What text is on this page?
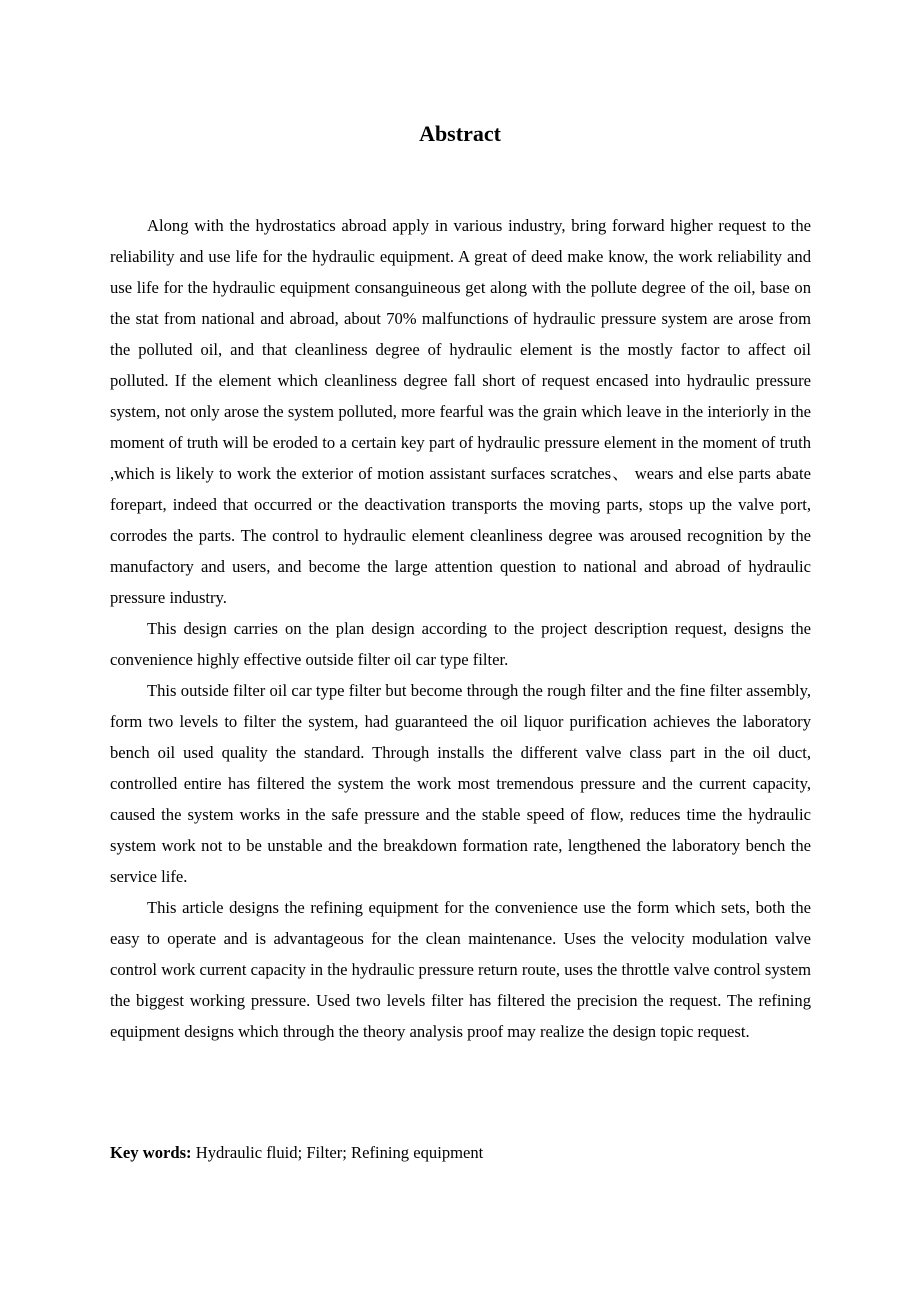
Abstract

Along with the hydrostatics abroad apply in various industry, bring forward higher request to the reliability and use life for the hydraulic equipment. A great of deed make know, the work reliability and use life for the hydraulic equipment consanguineous get along with the pollute degree of the oil, base on the stat from national and abroad, about 70% malfunctions of hydraulic pressure system are arose from the polluted oil, and that cleanliness degree of hydraulic element is the mostly factor to affect oil polluted. If the element which cleanliness degree fall short of request encased into hydraulic pressure system, not only arose the system polluted, more fearful was the grain which leave in the interiorly in the moment of truth will be eroded to a certain key part of hydraulic pressure element in the moment of truth ,which is likely to work the exterior of motion assistant surfaces scratches、 wears and else parts abate forepart, indeed that occurred or the deactivation transports the moving parts, stops up the valve port, corrodes the parts. The control to hydraulic element cleanliness degree was aroused recognition by the manufactory and users, and become the large attention question to national and abroad of hydraulic pressure industry.

This design carries on the plan design according to the project description request, designs the convenience highly effective outside filter oil car type filter.

This outside filter oil car type filter but become through the rough filter and the fine filter assembly, form two levels to filter the system, had guaranteed the oil liquor purification achieves the laboratory bench oil used quality the standard. Through installs the different valve class part in the oil duct, controlled entire has filtered the system the work most tremendous pressure and the current capacity, caused the system works in the safe pressure and the stable speed of flow, reduces time the hydraulic system work not to be unstable and the breakdown formation rate, lengthened the laboratory bench the service life.

This article designs the refining equipment for the convenience use the form which sets, both the easy to operate and is advantageous for the clean maintenance. Uses the velocity modulation valve control work current capacity in the hydraulic pressure return route, uses the throttle valve control system the biggest working pressure. Used two levels filter has filtered the precision the request. The refining equipment designs which through the theory analysis proof may realize the design topic request.

Key words: Hydraulic fluid; Filter; Refining equipment
